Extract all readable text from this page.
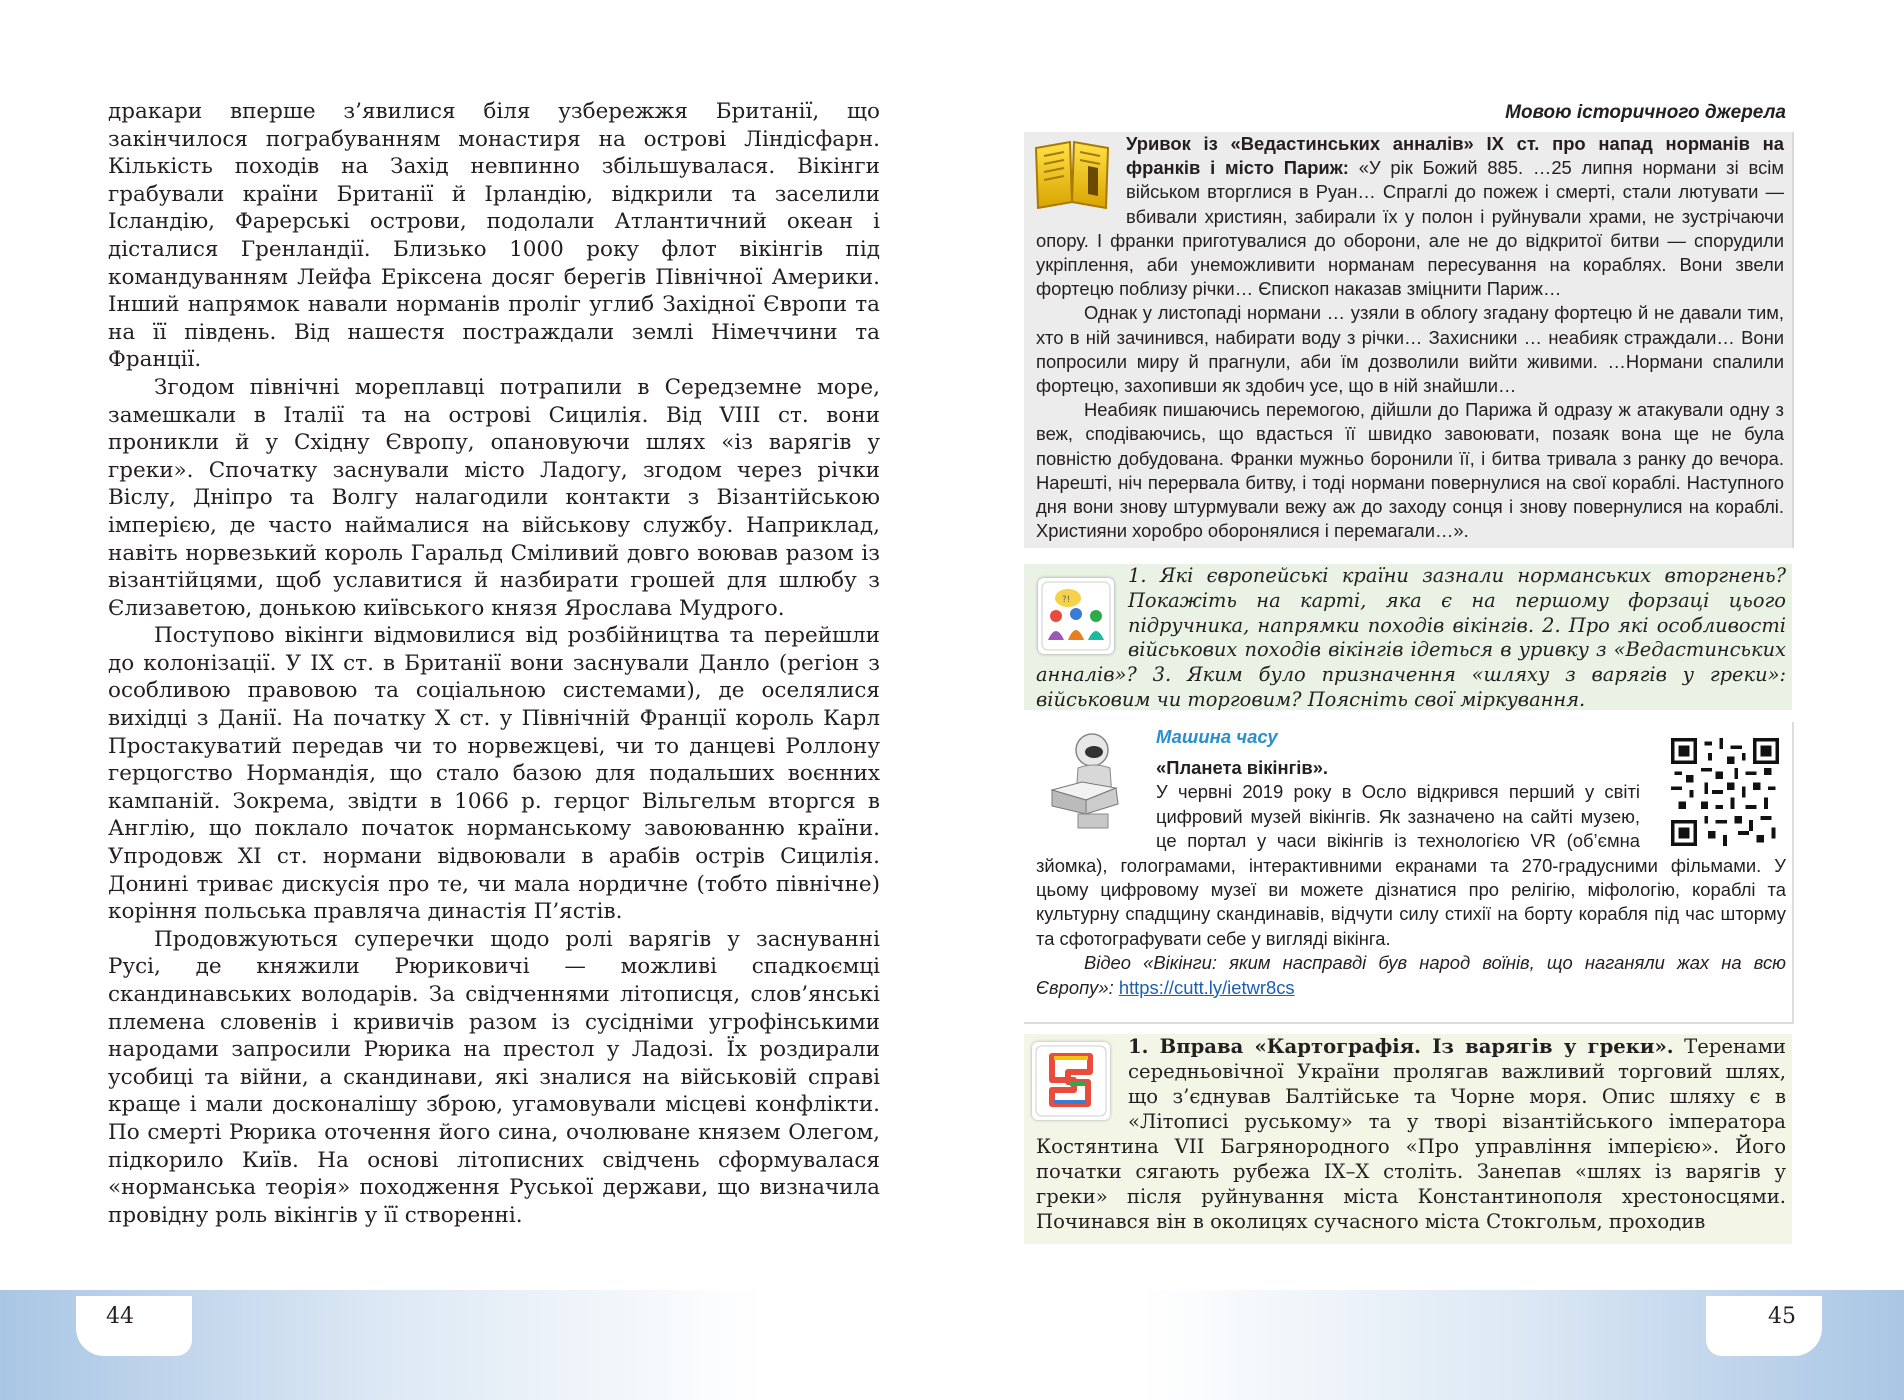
дракари вперше з’явилися біля узбережжя Британії, що закінчилося пограбуванням монастиря на острові Ліндісфарн. Кількість походів на Захід невпинно збільшувалася. Вікінги грабували країни Британії й Ірландію, відкрили та заселили Ісландію, Фарерські острови, подолали Атлантичний океан і дісталися Гренландії. Близько 1000 року флот вікінгів під командуванням Лейфа Еріксена досяг берегів Північної Америки. Інший напрямок навали норманів проліг углиб Західної Європи та на її південь. Від нашестя постраждали землі Німеччини та Франції.

Згодом північні мореплавці потрапили в Середземне море, замешкали в Італії та на острові Сицилія. Від VIII ст. вони проникли й у Східну Європу, опановуючи шлях «із варягів у греки». Спочатку заснували місто Ладогу, згодом через річки Віслу, Дніпро та Волгу налагодили контакти з Візантійською імперією, де часто наймалися на військову службу. Наприклад, навіть норвезький король Гаральд Сміливий довго воював разом із візантійцями, щоб уславитися й назбирати грошей для шлюбу з Єлизаветою, донькою київського князя Ярослава Мудрого.

Поступово вікінги відмовилися від розбійництва та перейшли до колонізації. У IX ст. в Британії вони заснували Данло (регіон з особливою правовою та соціальною системами), де оселялися вихідці з Данії. На початку X ст. у Північній Франції король Карл Простакуватий передав чи то норвежцеві, чи то данцеві Роллону герцогство Нормандія, що стало базою для подальших воєнних кампаній. Зокрема, звідти в 1066 р. герцог Вільгельм вторгся в Англію, що поклало початок норманському завоюванню країни. Упродовж XI ст. нормани відвоювали в арабів острів Сицилія. Донині триває дискусія про те, чи мала нордичне (тобто північне) коріння польська правляча династія П’ястів.

Продовжуються суперечки щодо ролі варягів у заснуванні Русі, де княжили Рюриковичі — можливі спадкоємці скандинавських володарів. За свідченнями літописця, слов’янські племена словенів і кривичів разом із сусідніми угрофінськими народами запросили Рюрика на престол у Ладозі. Їх роздирали усобиці та війни, а скандинави, які зналися на військовій справі краще і мали досконалішу зброю, угамовували місцеві конфлікти. По смерті Рюрика оточення його сина, очолюване князем Олегом, підкорило Київ. На основі літописних свідчень сформувалася «норманська теорія» походження Руської держави, що визначила провідну роль вікінгів у її створенні.

Мовою історичного джерела

Уривок із «Ведастинських анналів» IX ст. про напад норманів на франків і місто Париж: «У рік Божий 885. …25 липня нормани зі всім військом вторглися в Руан… Спраглі до пожеж і смерті, стали лютувати — вбивали християн, забирали їх у полон і руйнували храми, не зустрічаючи опору. І франки приготувалися до оборони, але не до відкритої битви — спорудили укріплення, аби унеможливити норманам пересування на кораблях. Вони звели фортецю поблизу річки… Єпископ наказав зміцнити Париж…

Однак у листопаді нормани … узяли в облогу згадану фортецю й не давали тим, хто в ній зачинився, набирати воду з річки… Захисники … неабияк страждали… Вони попросили миру й прагнули, аби їм дозволили вийти живими. …Нормани спалили фортецю, захопивши як здобич усе, що в ній знайшли…

Неабияк пишаючись перемогою, дійшли до Парижа й одразу ж атакували одну з веж, сподіваючись, що вдасться її швидко завоювати, позаяк вона ще не була повністю добудована. Франки мужньо боронили її, і битва тривала з ранку до вечора. Нарешті, ніч перервала битву, і тоді нормани повернулися на свої кораблі. Наступного дня вони знову штурмували вежу аж до заходу сонця і знову повернулися на кораблі. Християни хоробро оборонялися і перемагали…».

?!
1. Які європейські країни зазнали норманських вторгнень? Покажіть на карті, яка є на першому форзаці цього підручника, напрямки походів вікінгів. 2. Про які особливості військових походів вікінгів ідеться в уривку з «Ведастинських анналів»? 3. Яким було призначення «шляху з варягів у греки»: військовим чи торговим? Поясніть свої міркування.
Машина часу

«Планета вікінгів».
У червні 2019 року в Осло відкрився перший у світі цифровий музей вікінгів. Як зазначено на сайті музею, це портал у часи вікінгів із технологією VR (об’ємна зйомка), голограмами, інтерактивними екранами та 270-градусними фільмами. У цьому цифровому музеї ви можете дізнатися про релігію, міфологію, кораблі та культурну спадщину скандинавів, відчути силу стихії на борту корабля під час шторму та сфотографувати себе у вигляді вікінга.

Відео «Вікінги: яким насправді був народ воїнів, що наганяли жах на всю Європу»: https://cutt.ly/ietwr8cs

1. Вправа «Картографія. Із варягів у греки». Теренами середньовічної України пролягав важливий торговий шлях, що з’єднував Балтійське та Чорне моря. Опис шляху є в «Літописі руському» та у творі візантійського імператора Костянтина VII Багрянородного «Про управління імперією». Його початки сягають рубежа IX–X століть. Занепав «шлях із варягів у греки» після руйнування міста Константинополя хрестоносцями. Починався він в околицях сучасного міста Стокгольм, проходив
44	45
